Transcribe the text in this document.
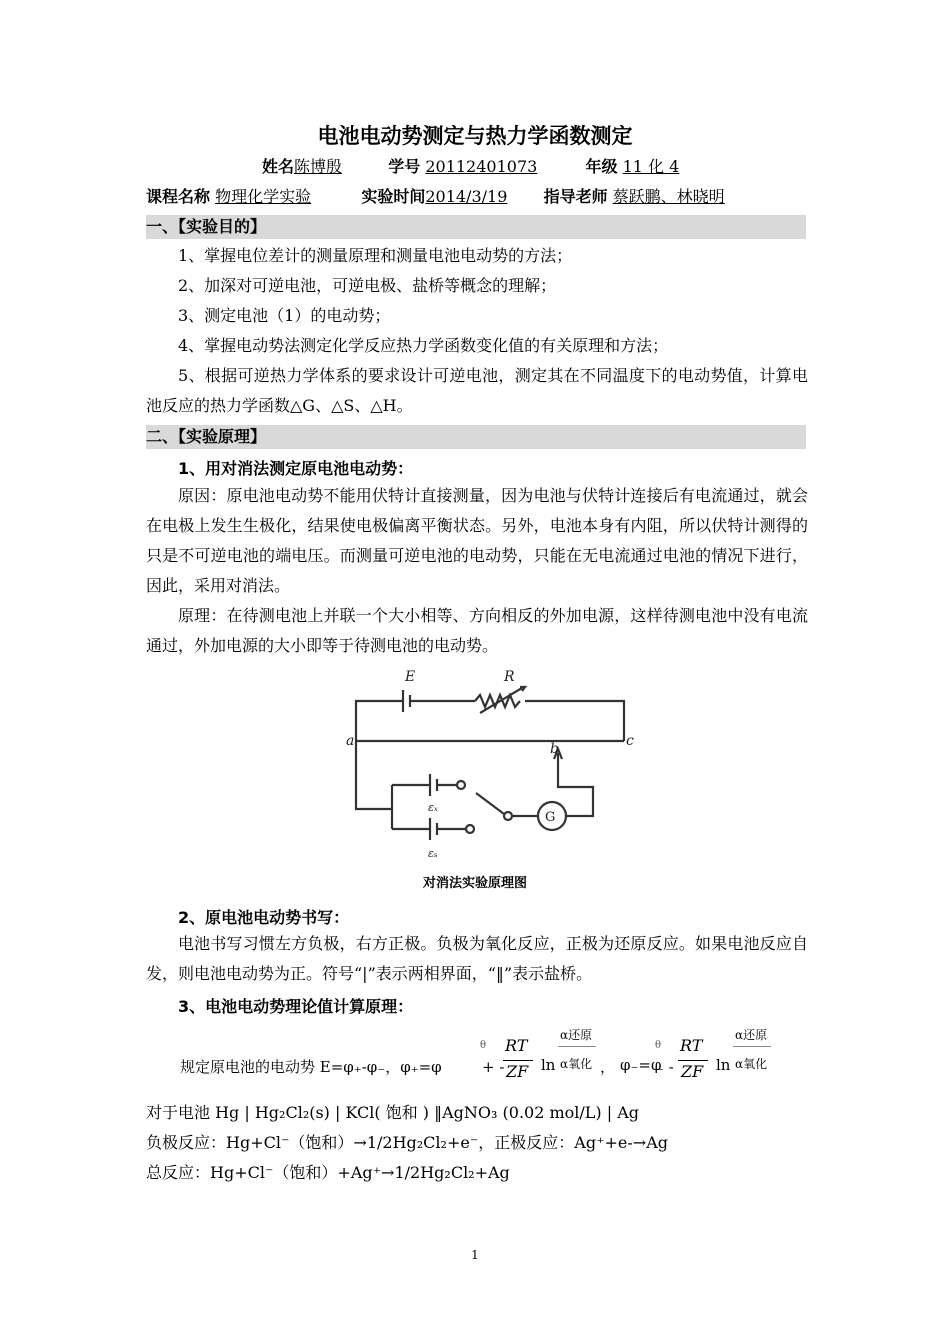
电池电动势测定与热力学函数测定
姓名陈博殷	学号 20112401073	年级 11 化 4
课程名称 物理化学实验	实验时间2014/3/19 指导老师 蔡跃鹏、林晓明
一、【实验目的】

1、掌握电位差计的测量原理和测量电池电动势的方法；

2、加深对可逆电池，可逆电极、盐桥等概念的理解；

3、测定电池（1）的电动势；

4、掌握电动势法测定化学反应热力学函数变化值的有关原理和方法；

5、根据可逆热力学体系的要求设计可逆电池，测定其在不同温度下的电动势值，计算电池反应的热力学函数△G、△S、△H。

二、【实验原理】
1、用对消法测定原电池电动势：

原因：原电池电动势不能用伏特计直接测量，因为电池与伏特计连接后有电流通过，就会在电极上发生生极化，结果使电极偏离平衡状态。另外，电池本身有内阻，所以伏特计测得的只是不可逆电池的端电压。而测量可逆电池的电动势，只能在无电流通过电池的情况下进行，因此，采用对消法。

原理：在待测电池上并联一个大小相等、方向相反的外加电源，这样待测电池中没有电流通过，外加电源的大小即等于待测电池的电动势。

E	R
a	b	c
εₓ
εₛ
G
对消法实验原理图
2、原电池电动势书写：

电池书写习惯左方负极，右方正极。负极为氧化反应，正极为还原反应。如果电池反应自发，则电池电动势为正。符号“|”表示两相界面，“‖”表示盐桥。

3、电池电动势理论值计算原理：
规定原电池的电动势 E=φ₊-φ₋，φ₊=φ
θ
+ -
RT
ZF ln
α还原
α氧化 ， φ₋=φ
θ
₋ -
RT
ZF ln
α还原
α氧化
对于电池 Hg | Hg₂Cl₂(s) | KCl( 饱和 ) ‖AgNO₃ (0.02 mol/L) | Ag
负极反应：Hg+Cl⁻（饱和）→1/2Hg₂Cl₂+e⁻，正极反应：Ag⁺+e-→Ag
总反应：Hg+Cl⁻（饱和）+Ag⁺→1/2Hg₂Cl₂+Ag
1
